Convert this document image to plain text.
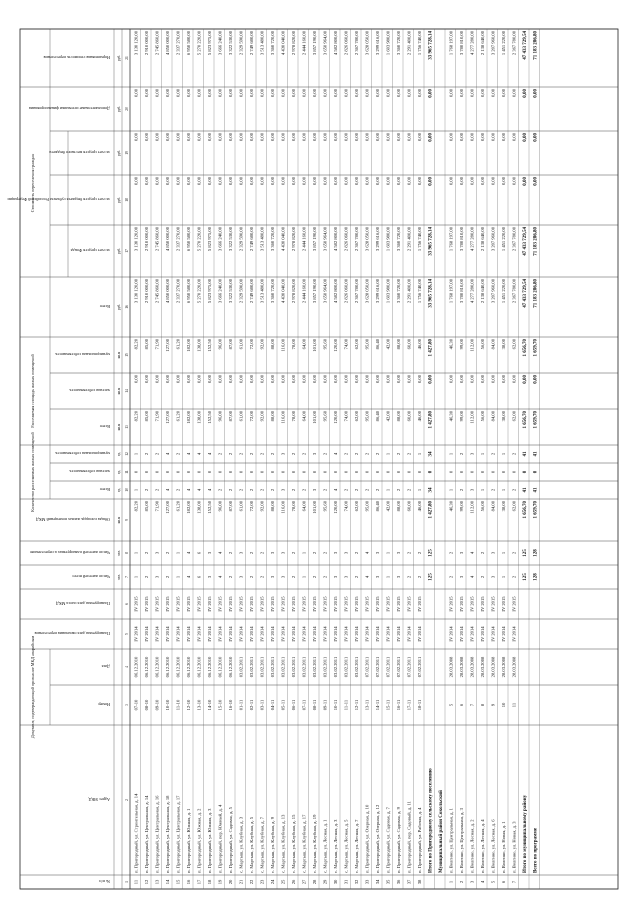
№ п/п
Адрес МКД
Номер
Дата
Планируемая дата окончания переселения
Планируемая дата сноса МКД
Число жителей всего
Число жителей планируемых к переселению
Общая площадь жилых помещений МКД
Всего
частная собственность
муниципальная собственность
Всего
частная собственность
муниципальная собственность
Всего
за счет средств Фонда
за счет средств бюджета субъекта Российской Федерации
за счет средств местного бюджета
Дополнительные источники финансирования
Нормативная стоимость переселения
Документ, подтверждающий признание МКД аварийным
Количество расселяемых жилых помещений
Расселяемая площадь жилых помещений
Стоимость переселения граждан
1
2
3
4
5
6
чел. 7
чел. 8
кв.м 9
ед. 10
ед. 11
ед. 12
кв.м 13
кв.м 14
кв.м 15
руб. 16
руб. 17
руб. 18
руб. 19
руб. 20
руб. 21
11
п. Пригородный, ул. Строительная, д. 14
07-10
06.12.2010
IV 2014
IV 2015
1
1
82,20
1
0
1
82,20
0,00
82,20
3 130 120,00
3 130 120,00
0,00
0,00
0,00
3 130 120,00
12
п. Пригородный, ул. Центральная, д. 14
08-10
06.12.2010
IV 2014
IV 2015
2
2
85,00
2
0
2
85,00
0,00
85,00
2 910 000,00
2 910 000,00
0,00
0,00
0,00
2 910 000,00
13
п. Пригородный, ул. Центральная, д. 16
09-10
06.12.2010
IV 2014
IV 2015
3
3
71,90
2
0
2
71,90
0,00
71,90
2 745 860,00
2 745 860,00
0,00
0,00
0,00
2 745 860,00
14
п. Пригородный, ул. Центральная, д. 18
10-10
06.12.2010
IV 2014
IV 2015
2
2
127,00
4
0
4
127,00
0,00
127,00
4 850 000,00
4 850 000,00
0,00
0,00
0,00
4 850 000,00
15
п. Пригородный, ул. Центральная, д. 17
11-10
06.12.2010
IV 2014
IV 2015
1
1
61,20
2
0
2
61,20
0,00
61,20
2 337 270,00
2 337 270,00
0,00
0,00
0,00
2 337 270,00
16
п. Пригородный, ул. Южная, д. 1
12-10
06.12.2010
IV 2014
IV 2015
4
4
182,00
4
0
4
182,00
0,00
182,00
6 950 580,00
6 950 580,00
0,00
0,00
0,00
6 950 580,00
17
п. Пригородный, ул. Южная, д. 2
13-10
06.12.2010
IV 2014
IV 2015
6
6
138,00
4
0
4
138,00
0,00
138,00
5 270 220,00
5 270 220,00
0,00
0,00
0,00
5 270 220,00
18
п. Пригородный, ул. Южная, д. 3
14-10
06.12.2010
IV 2014
IV 2015
3
3
152,50
4
0
4
152,50
0,00
152,50
5 823 975,00
5 823 975,00
0,00
0,00
0,00
5 823 975,00
19
п. Пригородный, пер. Южный, д. 4
15-10
06.12.2010
IV 2014
IV 2015
4
4
96,00
2
0
2
96,00
0,00
96,00
3 666 240,00
3 666 240,00
0,00
0,00
0,00
3 666 240,00
20
п. Пригородный, ул. Садовая, д. 5
16-10
06.12.2010
IV 2014
IV 2015
2
2
87,00
2
0
2
87,00
0,00
87,00
3 322 530,00
3 322 530,00
0,00
0,00
0,00
3 322 530,00
21
с. Мартыш, ул. Клубная, д. 3
01-11
03.02.2011
IV 2014
IV 2015
3
3
61,00
2
0
2
61,00
0,00
61,00
2 329 590,00
2 329 590,00
0,00
0,00
0,00
2 329 590,00
22
с. Мартыш, ул. Клубная, д. 5
02-11
03.02.2011
IV 2014
IV 2015
2
2
72,00
2
0
2
72,00
0,00
72,00
2 749 680,00
2 749 680,00
0,00
0,00
0,00
2 749 680,00
23
с. Мартыш, ул. Клубная, д. 7
03-11
03.02.2011
IV 2014
IV 2015
2
2
92,00
2
0
2
92,00
0,00
92,00
3 513 480,00
3 513 480,00
0,00
0,00
0,00
3 513 480,00
24
с. Мартыш, ул. Клубная, д. 9
04-11
03.02.2011
IV 2014
IV 2015
3
3
88,00
2
0
2
88,00
0,00
88,00
3 360 720,00
3 360 720,00
0,00
0,00
0,00
3 360 720,00
25
с. Мартыш, ул. Клубная, д. 13
05-11
03.02.2011
IV 2014
IV 2015
3
3
116,00
3
0
3
116,00
0,00
116,00
4 430 040,00
4 430 040,00
0,00
0,00
0,00
4 430 040,00
26
с. Мартыш, ул. Клубная, д. 15
06-11
03.02.2011
IV 2014
IV 2015
2
2
78,00
2
0
2
78,00
0,00
78,00
2 978 820,00
2 978 820,00
0,00
0,00
0,00
2 978 820,00
27
с. Мартыш, ул. Клубная, д. 17
07-11
03.02.2011
IV 2014
IV 2015
1
1
64,00
2
0
2
64,00
0,00
64,00
2 444 160,00
2 444 160,00
0,00
0,00
0,00
2 444 160,00
28
с. Мартыш, ул. Клубная, д. 19
08-11
03.02.2011
IV 2014
IV 2015
2
2
101,00
3
0
3
101,00
0,00
101,00
3 857 190,00
3 857 190,00
0,00
0,00
0,00
3 857 190,00
29
с. Мартыш, ул. Лесная, д. 1
09-11
03.02.2011
IV 2014
IV 2015
2
2
95,60
2
0
2
95,60
0,00
95,60
3 650 964,00
3 650 964,00
0,00
0,00
0,00
3 650 964,00
30
с. Мартыш, ул. Лесная, д. 3
10-11
03.02.2011
IV 2014
IV 2015
3
3
120,00
4
0
4
120,00
0,00
120,00
4 582 800,00
4 582 800,00
0,00
0,00
0,00
4 582 800,00
31
с. Мартыш, ул. Лесная, д. 5
11-11
03.02.2011
IV 2014
IV 2015
3
3
74,00
2
0
2
74,00
0,00
74,00
2 826 060,00
2 826 060,00
0,00
0,00
0,00
2 826 060,00
32
с. Мартыш, ул. Лесная, д. 7
12-11
03.02.2011
IV 2014
IV 2015
2
2
62,00
2
0
2
62,00
0,00
62,00
2 367 780,00
2 367 780,00
0,00
0,00
0,00
2 367 780,00
33
п. Пригородный, ул. Озерная, д. 10
13-11
07.02.2011
IV 2014
IV 2015
4
4
95,00
2
0
2
95,00
0,00
95,00
3 628 050,00
3 628 050,00
0,00
0,00
0,00
3 628 050,00
34
п. Пригородный, ул. Озерная, д. 12
14-11
07.02.2011
IV 2014
IV 2015
3
3
86,40
2
0
2
86,40
0,00
86,40
3 299 616,00
3 299 616,00
0,00
0,00
0,00
3 299 616,00
35
п. Пригородный, ул. Садовая, д. 7
15-11
07.02.2011
IV 2014
IV 2015
1
1
42,00
1
0
1
42,00
0,00
42,00
1 603 980,00
1 603 980,00
0,00
0,00
0,00
1 603 980,00
36
п. Пригородный, ул. Садовая, д. 9
16-11
07.02.2011
IV 2014
IV 2015
3
3
88,00
2
0
2
88,00
0,00
88,00
3 360 720,00
3 360 720,00
0,00
0,00
0,00
3 360 720,00
37
п. Пригородный, пер. Садовый, д. 11
17-11
07.02.2011
IV 2014
IV 2015
2
2
60,00
2
0
2
60,00
0,00
60,00
2 291 400,00
2 291 400,00
0,00
0,00
0,00
2 291 400,00
38
п. Пригородный, ул. Рабочая, д. 4
18-11
07.02.2011
IV 2014
IV 2015
2
2
46,00
1
0
1
46,00
0,00
46,00
1 756 740,00
1 756 740,00
0,00
0,00
0,00
1 756 740,00
Итого по Пригородному сельскому поселению
125
125
1 427,80
34
0
34
1 427,80
0,00
1 427,80
33 965 728,14
33 965 728,14
0,00
0,00
0,00
33 965 728,14
Муниципальный район Сокольский
1
п. Волгино, ул. Центральная, д. 1
5
28.03.2008
IV 2014
IV 2015
2
2
46,30
1
0
1
46,30
0,00
46,30
1 768 197,00
1 768 197,00
0,00
0,00
0,00
1 768 197,00
2
п. Волгино, ул. Центральная, д. 3
6
28.03.2008
IV 2014
IV 2015
3
3
99,00
2
0
2
99,00
0,00
99,00
3 780 810,00
3 780 810,00
0,00
0,00
0,00
3 780 810,00
3
п. Волгино, ул. Лесная, д. 2
7
28.03.2008
IV 2014
IV 2015
4
4
112,00
3
0
3
112,00
0,00
112,00
4 277 280,00
4 277 280,00
0,00
0,00
0,00
4 277 280,00
4
п. Волгино, ул. Лесная, д. 4
8
28.03.2008
IV 2014
IV 2015
2
2
56,00
1
0
1
56,00
0,00
56,00
2 138 640,00
2 138 640,00
0,00
0,00
0,00
2 138 640,00
5
п. Волгино, ул. Лесная, д. 6
9
28.03.2008
IV 2014
IV 2015
3
3
84,00
2
0
2
84,00
0,00
84,00
3 207 960,00
3 207 960,00
0,00
0,00
0,00
3 207 960,00
6
п. Волгино, ул. Новая, д. 1
10
28.03.2008
IV 2014
IV 2015
1
1
38,00
1
0
1
38,00
0,00
38,00
1 451 220,00
1 451 220,00
0,00
0,00
0,00
1 451 220,00
7
п. Волгино, ул. Новая, д. 3
11
28.03.2008
IV 2014
IV 2015
2
2
62,00
2
0
2
62,00
0,00
62,00
2 367 780,00
2 367 780,00
0,00
0,00
0,00
2 367 780,00
Итого по муниципальному району
125
125
1 656,70
41
0
41
1 656,70
0,00
1 656,70
47 433 729,54
47 433 729,54
0,00
0,00
0,00
47 433 729,54
Всего по программе
128
128
1 659,70
41
0
41
1 659,70
0,00
1 659,70
71 183 286,80
71 183 286,80
0,00
0,00
0,00
71 183 286,80
